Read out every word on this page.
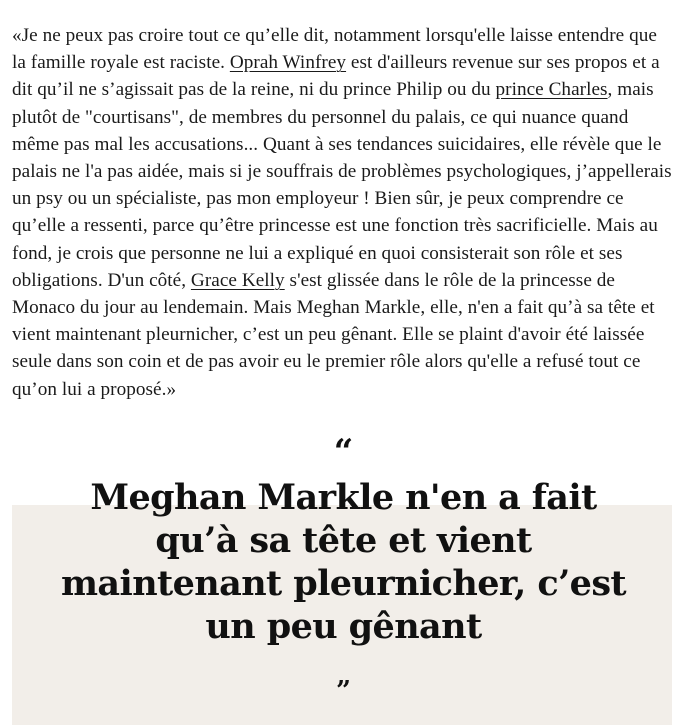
«Je ne peux pas croire tout ce qu’elle dit, notamment lorsqu'elle laisse entendre que la famille royale est raciste. Oprah Winfrey est d'ailleurs revenue sur ses propos et a dit qu’il ne s’agissait pas de la reine, ni du prince Philip ou du prince Charles, mais plutôt de "courtisans", de membres du personnel du palais, ce qui nuance quand même pas mal les accusations... Quant à ses tendances suicidaires, elle révèle que le palais ne l'a pas aidée, mais si je souffrais de problèmes psychologiques, j’appellerais un psy ou un spécialiste, pas mon employeur ! Bien sûr, je peux comprendre ce qu’elle a ressenti, parce qu’être princesse est une fonction très sacrificielle. Mais au fond, je crois que personne ne lui a expliqué en quoi consisterait son rôle et ses obligations. D'un côté, Grace Kelly s'est glissée dans le rôle de la princesse de Monaco du jour au lendemain. Mais Meghan Markle, elle, n'en a fait qu’à sa tête et vient maintenant pleurnicher, c’est un peu gênant. Elle se plaint d'avoir été laissée seule dans son coin et de pas avoir eu le premier rôle alors qu'elle a refusé tout ce qu’on lui a proposé.»

“

Meghan Markle n'en a fait qu’à sa tête et vient maintenant pleurnicher, c’est un peu gênant

”
